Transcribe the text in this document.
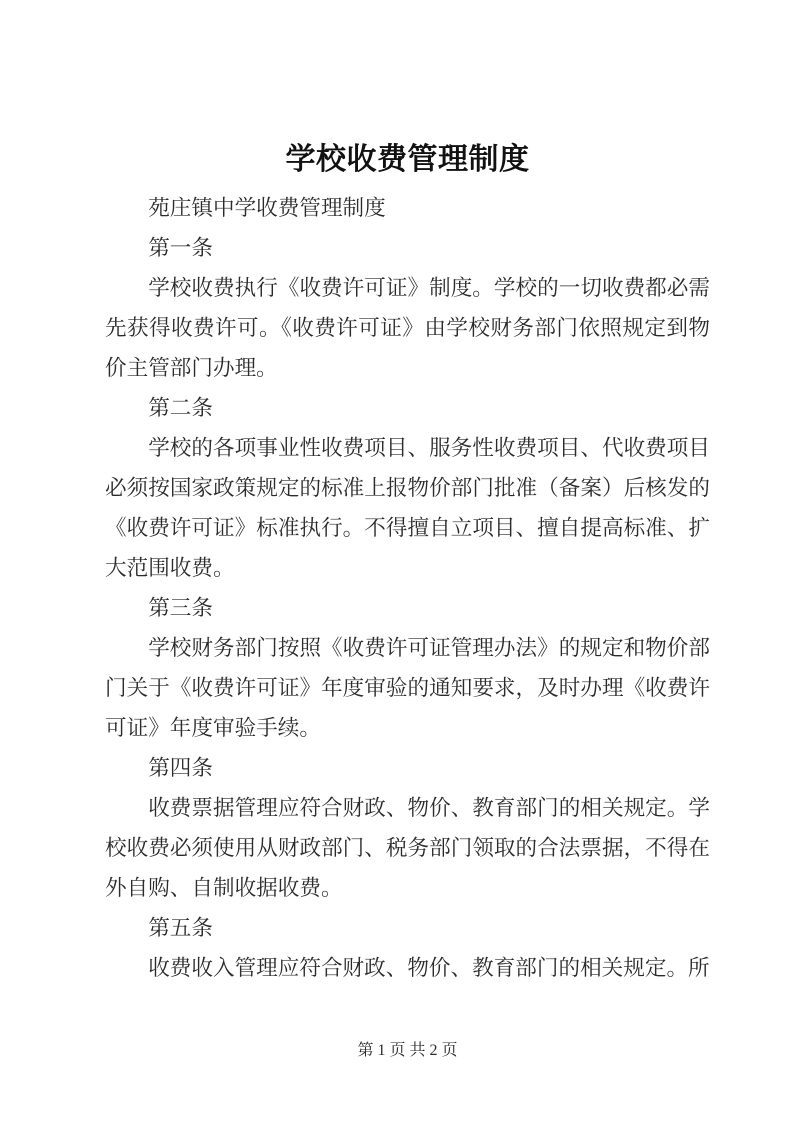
学校收费管理制度

苑庄镇中学收费管理制度

第一条

学校收费执行《收费许可证》制度。学校的一切收费都必需先获得收费许可。《收费许可证》由学校财务部门依照规定到物价主管部门办理。

第二条

学校的各项事业性收费项目、服务性收费项目、代收费项目必须按国家政策规定的标准上报物价部门批准（备案）后核发的《收费许可证》标准执行。不得擅自立项目、擅自提高标准、扩大范围收费。

第三条

学校财务部门按照《收费许可证管理办法》的规定和物价部门关于《收费许可证》年度审验的通知要求，及时办理《收费许可证》年度审验手续。

第四条

收费票据管理应符合财政、物价、教育部门的相关规定。学校收费必须使用从财政部门、税务部门领取的合法票据，不得在外自购、自制收据收费。

第五条

收费收入管理应符合财政、物价、教育部门的相关规定。所

第 1 页 共 2 页
